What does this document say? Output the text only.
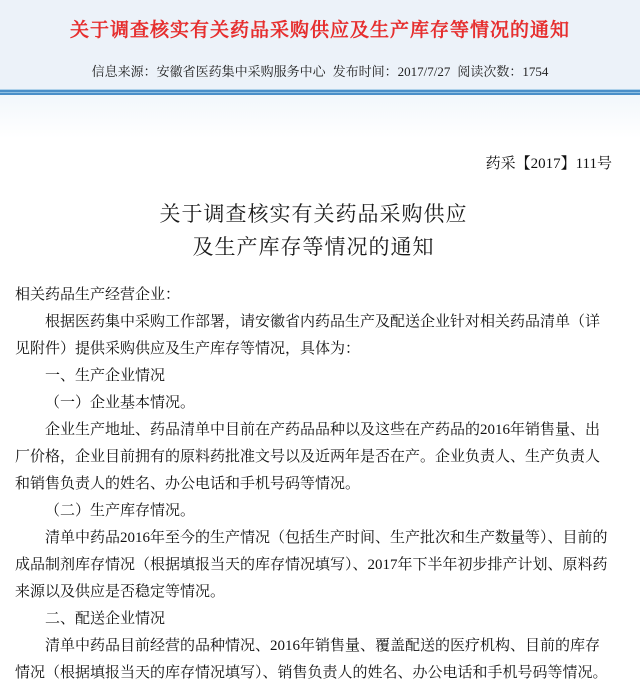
关于调查核实有关药品采购供应及生产库存等情况的通知
信息来源：安徽省医药集中采购服务中心 发布时间：2017/7/27 阅读次数：1754
药采【2017】111号
关于调查核实有关药品采购供应
及生产库存等情况的通知

相关药品生产经营企业：

根据医药集中采购工作部署，请安徽省内药品生产及配送企业针对相关药品清单（详见附件）提供采购供应及生产库存等情况，具体为：

一、生产企业情况

（一）企业基本情况。

企业生产地址、药品清单中目前在产药品品种以及这些在产药品的2016年销售量、出厂价格，企业目前拥有的原料药批准文号以及近两年是否在产。企业负责人、生产负责人和销售负责人的姓名、办公电话和手机号码等情况。

（二）生产库存情况。

清单中药品2016年至今的生产情况（包括生产时间、生产批次和生产数量等）、目前的成品制剂库存情况（根据填报当天的库存情况填写）、2017年下半年初步排产计划、原料药来源以及供应是否稳定等情况。

二、配送企业情况

清单中药品目前经营的品种情况、2016年销售量、覆盖配送的医疗机构、目前的库存情况（根据填报当天的库存情况填写）、销售负责人的姓名、办公电话和手机号码等情况。
